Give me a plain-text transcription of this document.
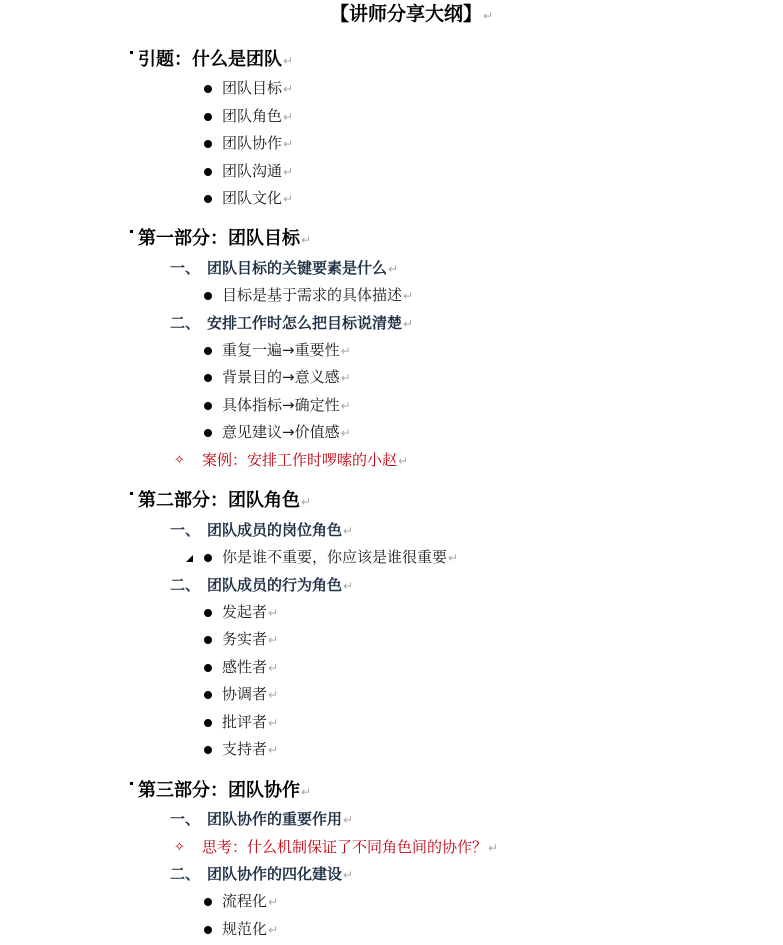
【讲师分享大纲】↵
引题：什么是团队↵
团队目标↵
团队角色↵
团队协作↵
团队沟通↵
团队文化↵
第一部分：团队目标↵
一、 团队目标的关键要素是什么↵
目标是基于需求的具体描述↵
二、 安排工作时怎么把目标说清楚↵
重复一遍→重要性↵
背景目的→意义感↵
具体指标→确定性↵
意见建议→价值感↵
✧ 案例：安排工作时啰嗦的小赵↵
第二部分：团队角色↵
一、 团队成员的岗位角色↵
你是谁不重要，你应该是谁很重要↵
二、 团队成员的行为角色↵
发起者↵
务实者↵
感性者↵
协调者↵
批评者↵
支持者↵
第三部分：团队协作↵
一、 团队协作的重要作用↵
✧ 思考：什么机制保证了不同角色间的协作？↵
二、 团队协作的四化建设↵
流程化↵
规范化↵
